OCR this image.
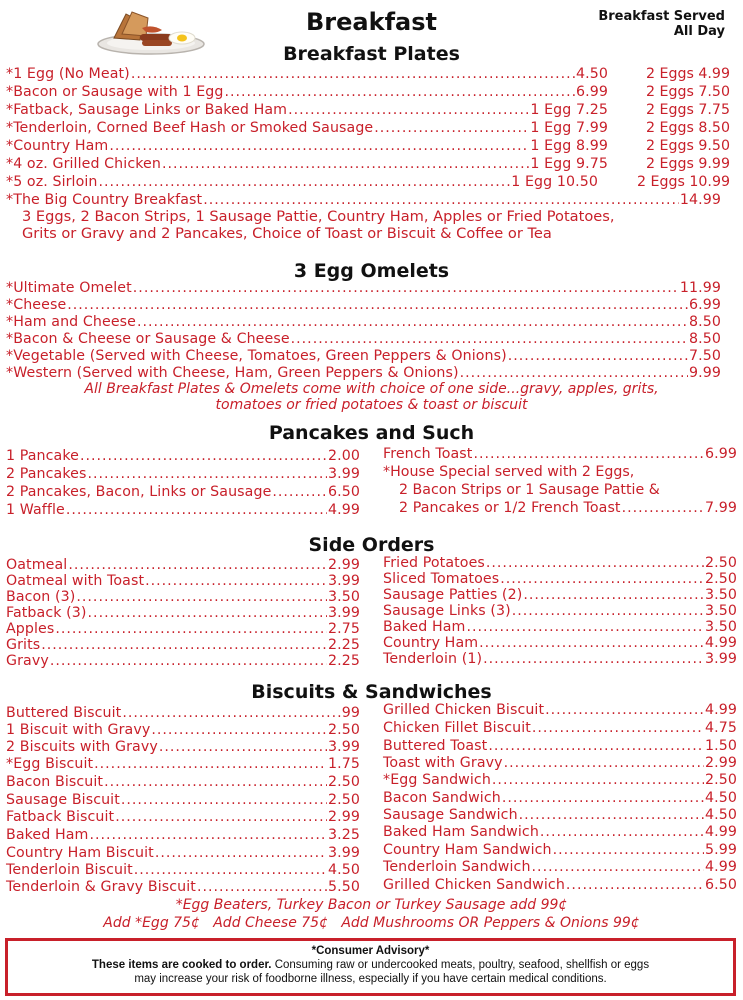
Breakfast	Breakfast Served
All Day
Breakfast Plates
*1 Egg (No Meat) .....	4.50	2 Eggs 4.99
*Bacon or Sausage with 1 Egg .....	6.99	2 Eggs 7.50
*Fatback, Sausage Links or Baked Ham .....	1 Egg 7.25	2 Eggs 7.75
*Tenderloin, Corned Beef Hash or Smoked Sausage .....	1 Egg 7.99	2 Eggs 8.50
*Country Ham .....	1 Egg 8.99	2 Eggs 9.50
*4 oz. Grilled Chicken .....	1 Egg 9.75	2 Eggs 9.99
*5 oz. Sirloin .....	1 Egg 10.50	2 Eggs 10.99
*The Big Country Breakfast .....	14.99
3 Eggs, 2 Bacon Strips, 1 Sausage Pattie, Country Ham, Apples or Fried Potatoes,
Grits or Gravy and 2 Pancakes, Choice of Toast or Biscuit & Coffee or Tea
3 Egg Omelets
*Ultimate Omelet .....	11.99
*Cheese .....	6.99
*Ham and Cheese .....	8.50
*Bacon & Cheese or Sausage & Cheese .....	8.50
*Vegetable (Served with Cheese, Tomatoes, Green Peppers & Onions) .....	7.50
*Western (Served with Cheese, Ham, Green Peppers & Onions) .....	9.99
All Breakfast Plates & Omelets come with choice of one side...gravy, apples, grits,
tomatoes or fried potatoes & toast or biscuit
Pancakes and Such
1 Pancake .....	2.00
2 Pancakes .....	3.99
2 Pancakes, Bacon, Links or Sausage .....	6.50
1 Waffle .....	4.99
French Toast .....	6.99
*House Special served with 2 Eggs,
2 Bacon Strips or 1 Sausage Pattie &
2 Pancakes or 1/2 French Toast .....	7.99
Side Orders
Oatmeal .....	2.99
Oatmeal with Toast .....	3.99
Bacon (3) .....	3.50
Fatback (3) .....	3.99
Apples .....	2.75
Grits .....	2.25
Gravy .....	2.25
Fried Potatoes .....	2.50
Sliced Tomatoes .....	2.50
Sausage Patties (2) .....	3.50
Sausage Links (3) .....	3.50
Baked Ham .....	3.50
Country Ham .....	4.99
Tenderloin (1) .....	3.99
Biscuits & Sandwiches
Buttered Biscuit .....	.99
1 Biscuit with Gravy .....	2.50
2 Biscuits with Gravy .....	3.99
*Egg Biscuit .....	1.75
Bacon Biscuit .....	2.50
Sausage Biscuit .....	2.50
Fatback Biscuit .....	2.99
Baked Ham .....	3.25
Country Ham Biscuit .....	3.99
Tenderloin Biscuit .....	4.50
Tenderloin & Gravy Biscuit .....	5.50
Grilled Chicken Biscuit .....	4.99
Chicken Fillet Biscuit .....	4.75
Buttered Toast .....	1.50
Toast with Gravy .....	2.99
*Egg Sandwich .....	2.50
Bacon Sandwich .....	4.50
Sausage Sandwich .....	4.50
Baked Ham Sandwich .....	4.99
Country Ham Sandwich .....	5.99
Tenderloin Sandwich .....	4.99
Grilled Chicken Sandwich .....	6.50
*Egg Beaters, Turkey Bacon or Turkey Sausage add 99¢
Add *Egg 75¢   Add Cheese 75¢   Add Mushrooms OR Peppers & Onions 99¢
*Consumer Advisory*
These items are cooked to order. Consuming raw or undercooked meats, poultry, seafood, shellfish or eggs
may increase your risk of foodborne illness, especially if you have certain medical conditions.
